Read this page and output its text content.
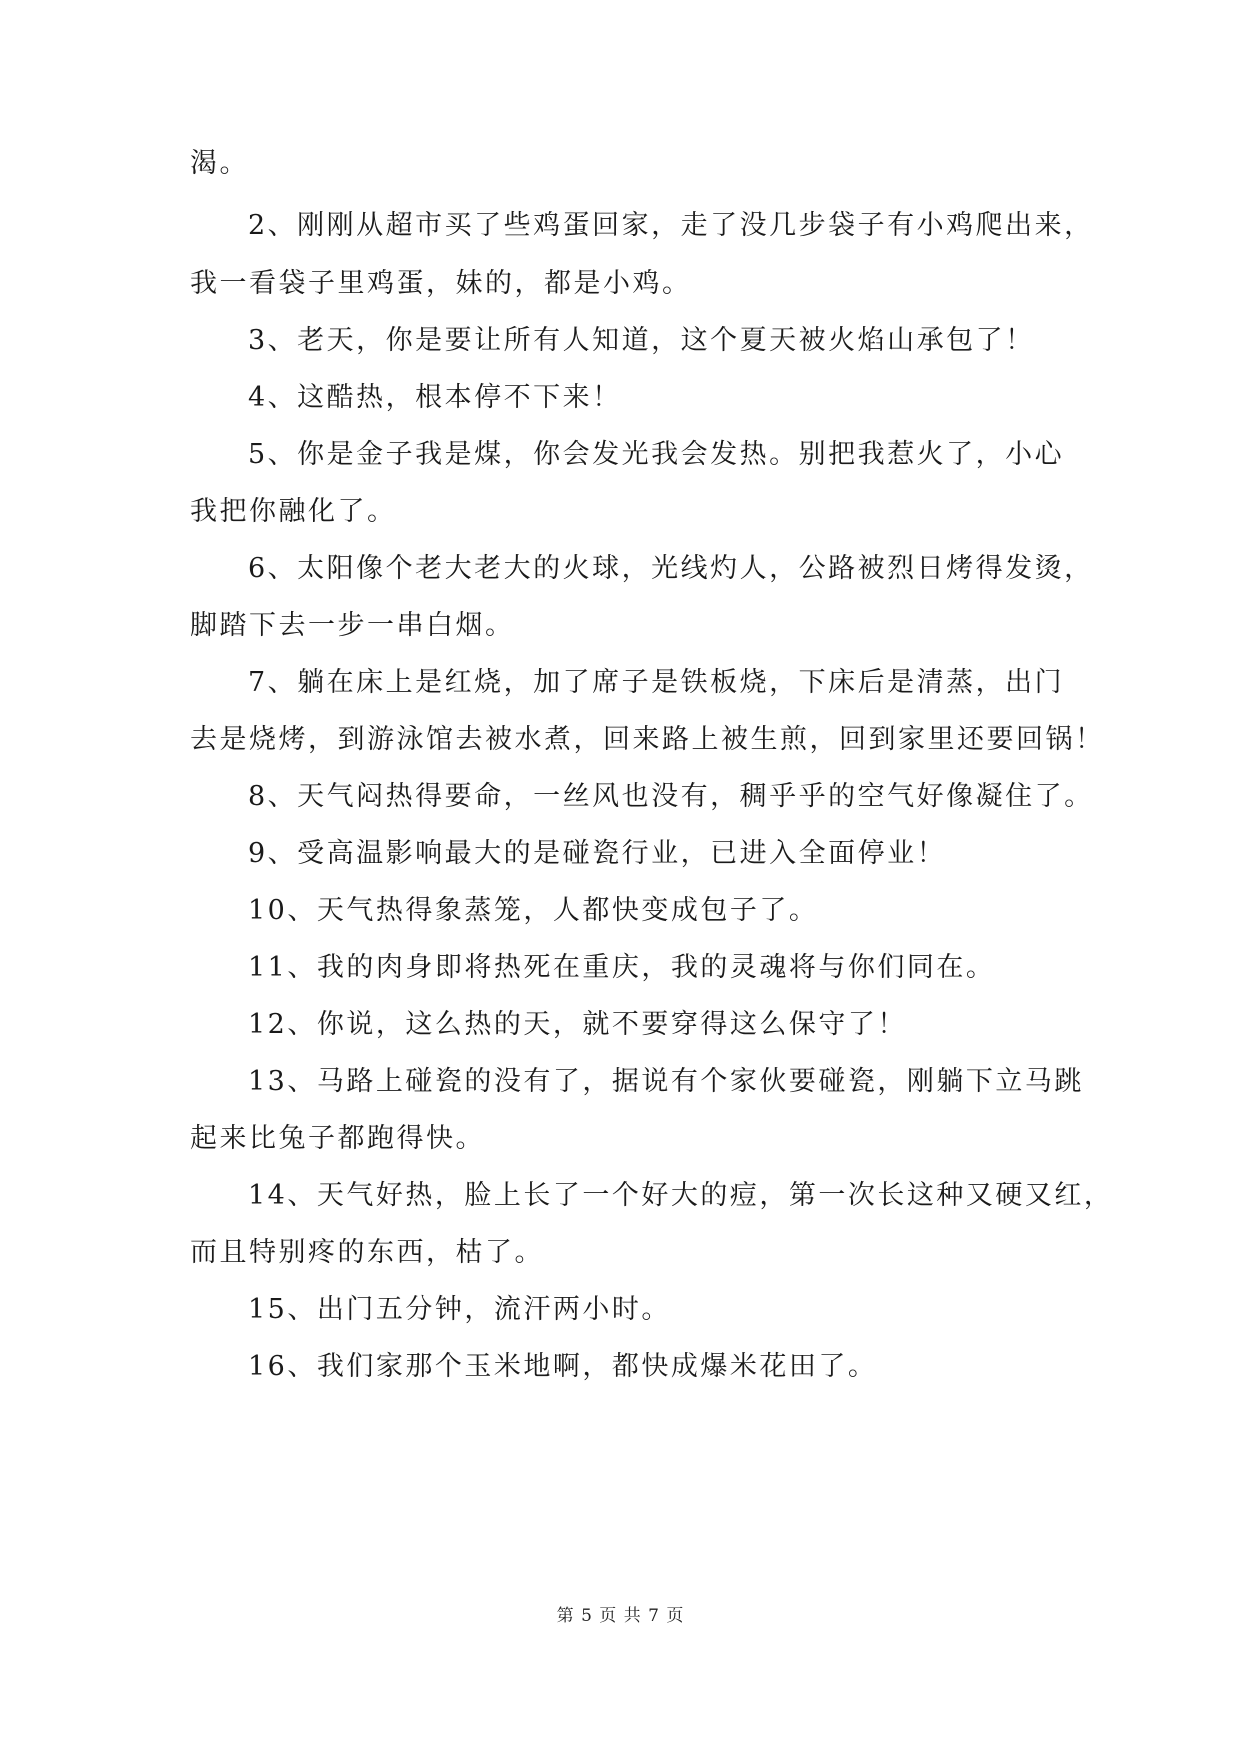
渴。
2、刚刚从超市买了些鸡蛋回家，走了没几步袋子有小鸡爬出来，
我一看袋子里鸡蛋，妹的，都是小鸡。
3、老天，你是要让所有人知道，这个夏天被火焰山承包了！
4、这酷热，根本停不下来！
5、你是金子我是煤，你会发光我会发热。别把我惹火了，小心
我把你融化了。
6、太阳像个老大老大的火球，光线灼人，公路被烈日烤得发烫，
脚踏下去一步一串白烟。
7、躺在床上是红烧，加了席子是铁板烧，下床后是清蒸，出门
去是烧烤，到游泳馆去被水煮，回来路上被生煎，回到家里还要回锅！
8、天气闷热得要命，一丝风也没有，稠乎乎的空气好像凝住了。
9、受高温影响最大的是碰瓷行业，已进入全面停业！
10、天气热得象蒸笼，人都快变成包子了。
11、我的肉身即将热死在重庆，我的灵魂将与你们同在。
12、你说，这么热的天，就不要穿得这么保守了！
13、马路上碰瓷的没有了，据说有个家伙要碰瓷，刚躺下立马跳
起来比兔子都跑得快。
14、天气好热，脸上长了一个好大的痘，第一次长这种又硬又红，
而且特别疼的东西，枯了。
15、出门五分钟，流汗两小时。
16、我们家那个玉米地啊，都快成爆米花田了。
第 5 页 共 7 页
